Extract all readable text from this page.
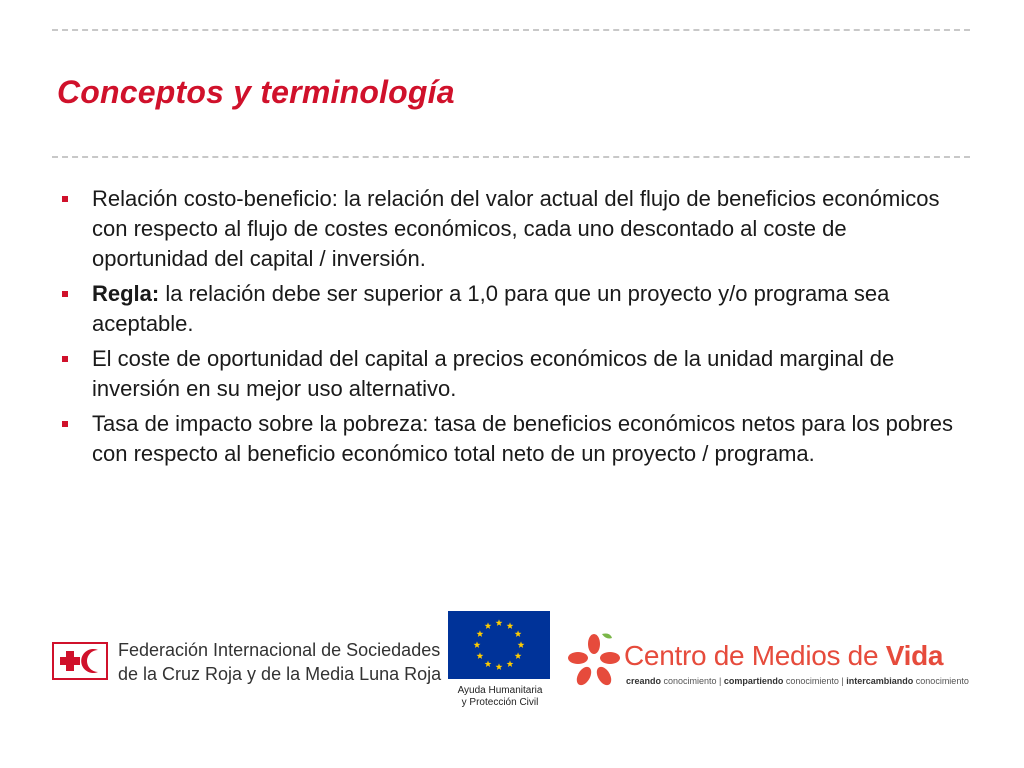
Conceptos y terminología
Relación costo-beneficio: la relación del valor actual del flujo de beneficios económicos con respecto al flujo de costes económicos, cada uno descontado al coste de oportunidad del capital / inversión.
Regla: la relación debe ser superior a 1,0 para que un proyecto y/o programa sea aceptable.
El coste de oportunidad del capital a precios económicos de la unidad marginal de inversión en su mejor uso alternativo.
Tasa de impacto sobre la pobreza: tasa de beneficios económicos netos para los pobres con respecto al beneficio económico total neto de un proyecto / programa.
Federación Internacional de Sociedades
de la Cruz Roja y de la Media Luna Roja
Ayuda Humanitaria
y Protección Civil
Centro de Medios de Vida
creando conocimiento | compartiendo conocimiento | intercambiando conocimiento
